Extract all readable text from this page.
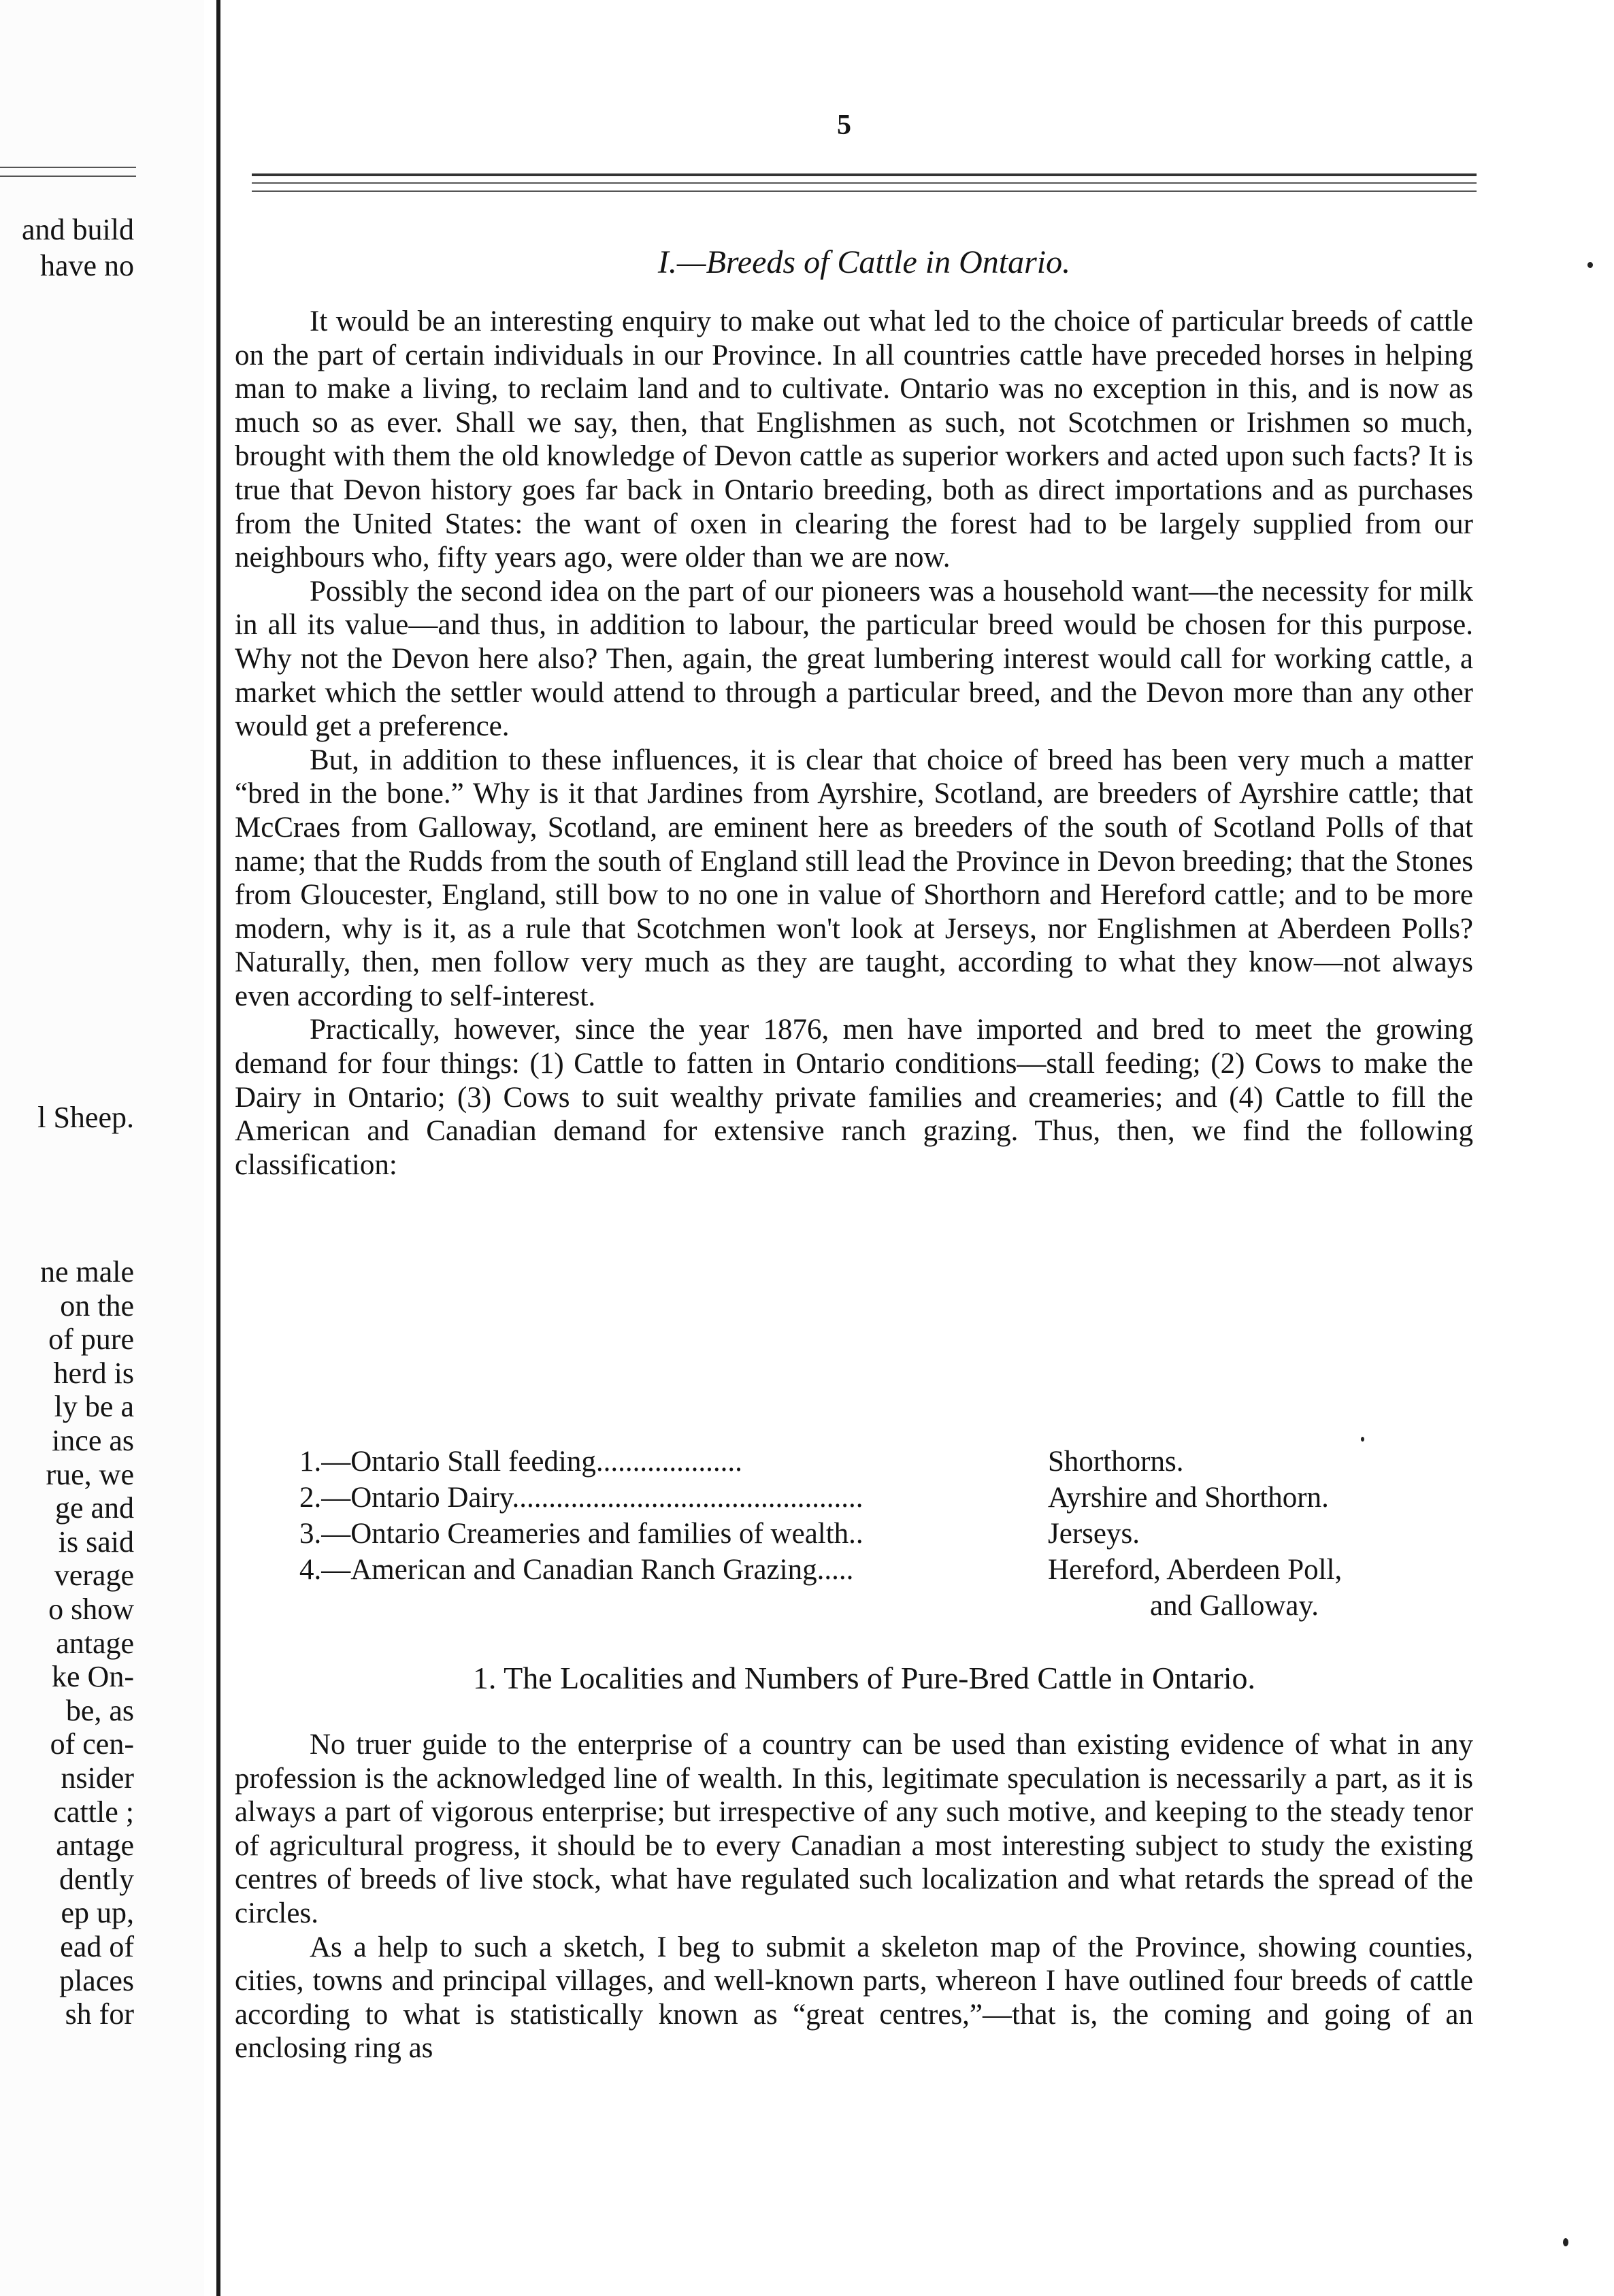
and build
have no
l Sheep.
ne male
on the
of pure
herd is
ly be a
ince as
rue, we
ge and
is said
verage
o show
antage
ke On-
be, as
of cen-
nsider
cattle ;
antage
dently
ep up,
ead of
places
sh for
5
I.—Breeds of Cattle in Ontario.

It would be an interesting enquiry to make out what led to the choice of particular breeds of cattle on the part of certain individuals in our Province. In all countries cattle have preceded horses in helping man to make a living, to reclaim land and to cultivate. Ontario was no exception in this, and is now as much so as ever. Shall we say, then, that Englishmen as such, not Scotchmen or Irishmen so much, brought with them the old knowledge of Devon cattle as superior workers and acted upon such facts? It is true that Devon history goes far back in Ontario breeding, both as direct importations and as purchases from the United States: the want of oxen in clearing the forest had to be largely supplied from our neighbours who, fifty years ago, were older than we are now.

Possibly the second idea on the part of our pioneers was a household want—the necessity for milk in all its value—and thus, in addition to labour, the particular breed would be chosen for this purpose. Why not the Devon here also? Then, again, the great lumbering interest would call for working cattle, a market which the settler would attend to through a particular breed, and the Devon more than any other would get a preference.

But, in addition to these influences, it is clear that choice of breed has been very much a matter “bred in the bone.” Why is it that Jardines from Ayrshire, Scotland, are breeders of Ayrshire cattle; that McCraes from Galloway, Scotland, are eminent here as breeders of the south of Scotland Polls of that name; that the Rudds from the south of England still lead the Province in Devon breeding; that the Stones from Gloucester, England, still bow to no one in value of Shorthorn and Hereford cattle; and to be more modern, why is it, as a rule that Scotchmen won't look at Jerseys, nor Englishmen at Aberdeen Polls? Naturally, then, men follow very much as they are taught, according to what they know—not always even according to self-interest.

Practically, however, since the year 1876, men have imported and bred to meet the growing demand for four things: (1) Cattle to fatten in Ontario conditions—stall feeding; (2) Cows to make the Dairy in Ontario; (3) Cows to suit wealthy private families and creameries; and (4) Cattle to fill the American and Canadian demand for extensive ranch grazing. Thus, then, we find the following classification:

1.—Ontario Stall feeding....................	Shorthorns.
2.—Ontario Dairy................................................	Ayrshire and Shorthorn.
3.—Ontario Creameries and families of wealth..	Jerseys.
4.—American and Canadian Ranch Grazing.....	Hereford, Aberdeen Poll,
and Galloway.
1. The Localities and Numbers of Pure-Bred Cattle in Ontario.

No truer guide to the enterprise of a country can be used than existing evidence of what in any profession is the acknowledged line of wealth. In this, legitimate speculation is necessarily a part, as it is always a part of vigorous enterprise; but irrespective of any such motive, and keeping to the steady tenor of agricultural progress, it should be to every Canadian a most interesting subject to study the existing centres of breeds of live stock, what have regulated such localization and what retards the spread of the circles.

As a help to such a sketch, I beg to submit a skeleton map of the Province, showing counties, cities, towns and principal villages, and well-known parts, whereon I have outlined four breeds of cattle according to what is statistically known as “great centres,”—that is, the coming and going of an enclosing ring as
